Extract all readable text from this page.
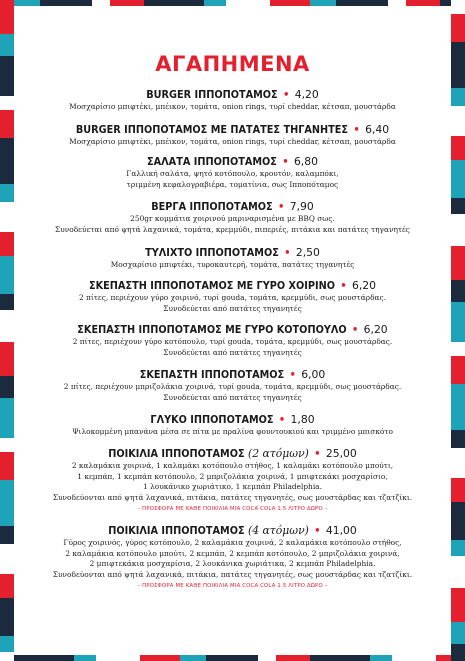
ΑΓΑΠΗΜΕΝΑ
BURGER ΙΠΠΟΠΟΤΑΜΟΣ • 4,20
Μοσχαρίσιο μπιφτέκι, μπέικον, τομάτα, onion rings, τυρί cheddar, κέτσαπ, μουστάρδα
BURGER ΙΠΠΟΠΟΤΑΜΟΣ ΜΕ ΠΑΤΑΤΕΣ ΤΗΓΑΝΗΤΕΣ • 6,40
Μοσχαρίσιο μπιφτέκι, μπέικον, τομάτα, onion rings, τυρί cheddar, κέτσαπ, μουστάρδα
ΣΑΛΑΤΑ ΙΠΠΟΠΟΤΑΜΟΣ • 6,80
Γαλλική σαλάτα, ψητό κοτόπουλο, κρουτόν, καλαμπόκι,
τριμμένη κεφαλογραβιέρα, τοματίνια, σως Ιπποπόταμος
ΒΕΡΓΑ ΙΠΠΟΠΟΤΑΜΟΣ • 7,90
250gr κομμάτια χοιρινού μαριναρισμένα με BBQ σως.
Συνοδεύεται από ψητά λαχανικά, τομάτα, κρεμμύδι, πιπεριές, πιτάκια και πατάτες τηγανητές
ΤΥΛΙΧΤΟ ΙΠΠΟΠΟΤΑΜΟΣ • 2,50
Μοσχαρίσιο μπιφτέκι, τυροκαυτερή, τομάτα, πατάτες τηγανητές
ΣΚΕΠΑΣΤΗ ΙΠΠΟΠΟΤΑΜΟΣ ΜΕ ΓΥΡΟ ΧΟΙΡΙΝΟ • 6,20
2 πίτες, περιέχουν γύρο χοιρινό, τυρί gouda, τομάτα, κρεμμύδι, σως μουστάρδας.
Συνοδεύεται από πατάτες τηγανητές
ΣΚΕΠΑΣΤΗ ΙΠΠΟΠΟΤΑΜΟΣ ΜΕ ΓΥΡΟ ΚΟΤΟΠΟΥΛΟ • 6,20
2 πίτες, περιέχουν γύρο κοτόπουλο, τυρί gouda, τομάτα, κρεμμύδι, σως μουστάρδας.
Συνοδεύεται από πατάτες τηγανητές
ΣΚΕΠΑΣΤΗ ΙΠΠΟΠΟΤΑΜΟΣ • 6,00
2 πίτες, περιέχουν μπριζολάκια χοιρινά, τυρί gouda, τομάτα, κρεμμύδι, σως μουστάρδας.
Συνοδεύεται από πατάτες τηγανητές
ΓΛΥΚΟ ΙΠΠΟΠΟΤΑΜΟΣ • 1,80
Ψιλοκομμένη μπανάνα μέσα σε πίτα με πραλίνα φουντουκιού και τριμμένο μπισκότο
ΠΟΙΚΙΛΙΑ ΙΠΠΟΠΟΤΑΜΟΣ (2 ατόμων) • 25,00
2 καλαμάκια χοιρινά, 1 καλαμάκι κοτόπουλο στήθος, 1 καλαμάκι κοτόπουλο μπούτι,
1 κεμπάπ, 1 κεμπάπ κοτόπουλο, 2 μπριζολάκια χοιρινά, 1 μπιφτεκάκι μοσχαρίσιο,
1 λουκάνικο χωριάτικο, 1 κεμπάπ Philadelphia.
Συνοδεύονται από ψητά λαχανικά, πιτάκια, πατάτες τηγανητές, σως μουστάρδας και τζατζίκι.
– ΠΡΟΣΦΟΡΑ ΜΕ ΚΑΘΕ ΠΟΙΚΙΛΙΑ ΜΙΑ COCA COLA 1.5 ΛΙΤΡΟ ΔΩΡΟ –
ΠΟΙΚΙΛΙΑ ΙΠΠΟΠΟΤΑΜΟΣ (4 ατόμων) • 41,00
Γύρος χοιρινός, γύρος κοτόπουλο, 2 καλαμάκια χοιρινά, 2 καλαμάκια κοτόπουλο στήθος,
2 καλαμάκια κοτόπουλο μπούτι, 2 κεμπάπ, 2 κεμπάπ κοτόπουλο, 2 μπριζολάκια χοιρινά,
2 μπιφτεκάκια μοσχαρίσια, 2 λουκάνικα χωριάτικα, 2 κεμπάπ Philadelphia.
Συνοδεύονται από ψητά λαχανικά, πιτάκια, πατάτες τηγανητές, σως μουστάρδας και τζατζίκι.
– ΠΡΟΣΦΟΡΑ ΜΕ ΚΑΘΕ ΠΟΙΚΙΛΙΑ ΜΙΑ COCA COLA 1.5 ΛΙΤΡΟ ΔΩΡΟ –
